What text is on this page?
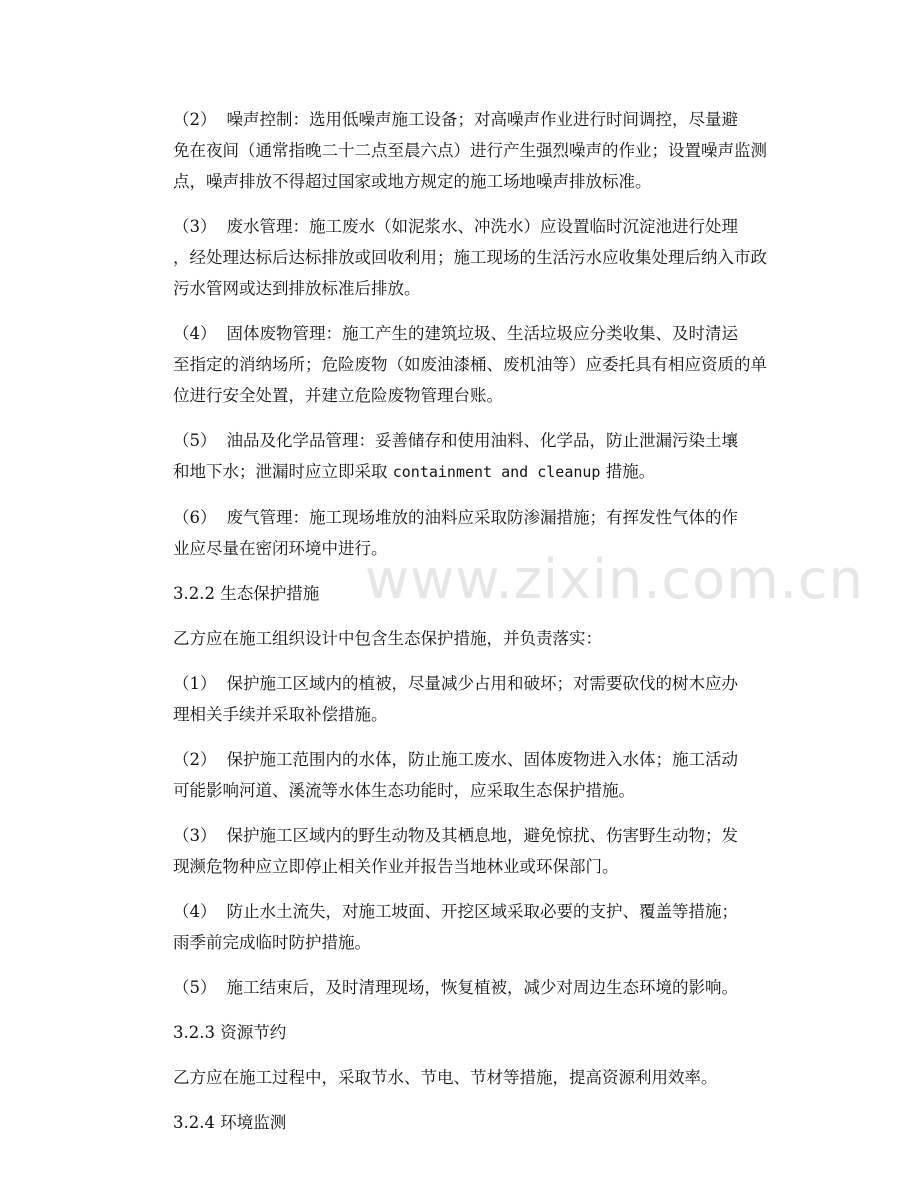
www.zixin.com.cn
（2） 噪声控制：选用低噪声施工设备；对高噪声作业进行时间调控，尽量避
免在夜间（通常指晚二十二点至晨六点）进行产生强烈噪声的作业；设置噪声监测
点，噪声排放不得超过国家或地方规定的施工场地噪声排放标准。
（3） 废水管理：施工废水（如泥浆水、冲洗水）应设置临时沉淀池进行处理
，经处理达标后达标排放或回收利用；施工现场的生活污水应收集处理后纳入市政
污水管网或达到排放标准后排放。
（4） 固体废物管理：施工产生的建筑垃圾、生活垃圾应分类收集、及时清运
至指定的消纳场所；危险废物（如废油漆桶、废机油等）应委托具有相应资质的单
位进行安全处置，并建立危险废物管理台账。
（5） 油品及化学品管理：妥善储存和使用油料、化学品，防止泄漏污染土壤
和地下水；泄漏时应立即采取 containment and cleanup 措施。
（6） 废气管理：施工现场堆放的油料应采取防渗漏措施；有挥发性气体的作
业应尽量在密闭环境中进行。
3.2.2 生态保护措施
乙方应在施工组织设计中包含生态保护措施，并负责落实：
（1） 保护施工区域内的植被，尽量减少占用和破坏；对需要砍伐的树木应办
理相关手续并采取补偿措施。
（2） 保护施工范围内的水体，防止施工废水、固体废物进入水体；施工活动
可能影响河道、溪流等水体生态功能时，应采取生态保护措施。
（3） 保护施工区域内的野生动物及其栖息地，避免惊扰、伤害野生动物；发
现濒危物种应立即停止相关作业并报告当地林业或环保部门。
（4） 防止水土流失，对施工坡面、开挖区域采取必要的支护、覆盖等措施；
雨季前完成临时防护措施。
（5） 施工结束后，及时清理现场，恢复植被，减少对周边生态环境的影响。
3.2.3 资源节约
乙方应在施工过程中，采取节水、节电、节材等措施，提高资源利用效率。
3.2.4 环境监测
